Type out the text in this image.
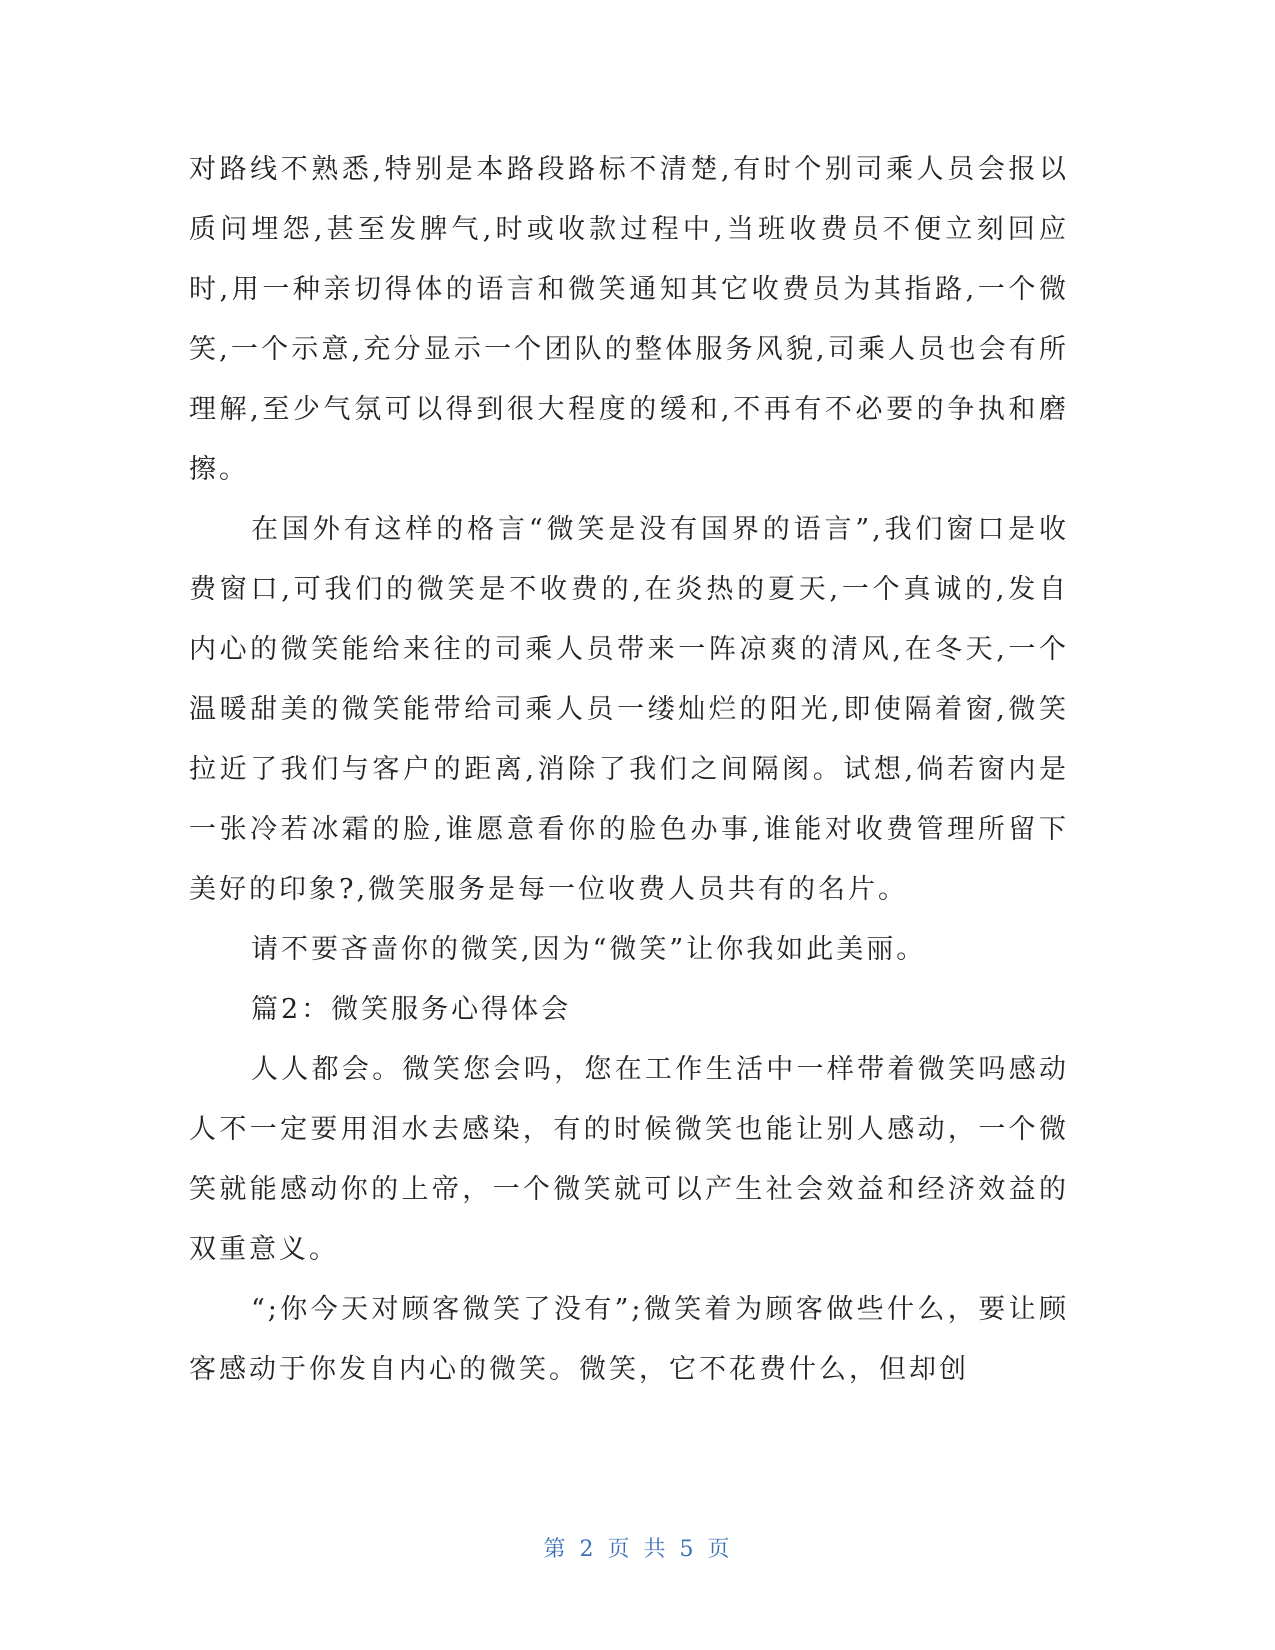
对路线不熟悉,特别是本路段路标不清楚,有时个别司乘人员会报以质问埋怨,甚至发脾气,时或收款过程中,当班收费员不便立刻回应时,用一种亲切得体的语言和微笑通知其它收费员为其指路,一个微笑,一个示意,充分显示一个团队的整体服务风貌,司乘人员也会有所理解,至少气氛可以得到很大程度的缓和,不再有不必要的争执和磨擦。

在国外有这样的格言“微笑是没有国界的语言”,我们窗口是收费窗口,可我们的微笑是不收费的,在炎热的夏天,一个真诚的,发自内心的微笑能给来往的司乘人员带来一阵凉爽的清风,在冬天,一个温暖甜美的微笑能带给司乘人员一缕灿烂的阳光,即使隔着窗,微笑拉近了我们与客户的距离,消除了我们之间隔阂。试想,倘若窗内是一张冷若冰霜的脸,谁愿意看你的脸色办事,谁能对收费管理所留下美好的印象?,微笑服务是每一位收费人员共有的名片。

请不要吝啬你的微笑,因为“微笑”让你我如此美丽。

篇2：微笑服务心得体会

人人都会。微笑您会吗，您在工作生活中一样带着微笑吗感动人不一定要用泪水去感染，有的时候微笑也能让别人感动，一个微笑就能感动你的上帝，一个微笑就可以产生社会效益和经济效益的双重意义。

“;你今天对顾客微笑了没有”;微笑着为顾客做些什么，要让顾客感动于你发自内心的微笑。微笑，它不花费什么，但却创

第 2 页 共 5 页
